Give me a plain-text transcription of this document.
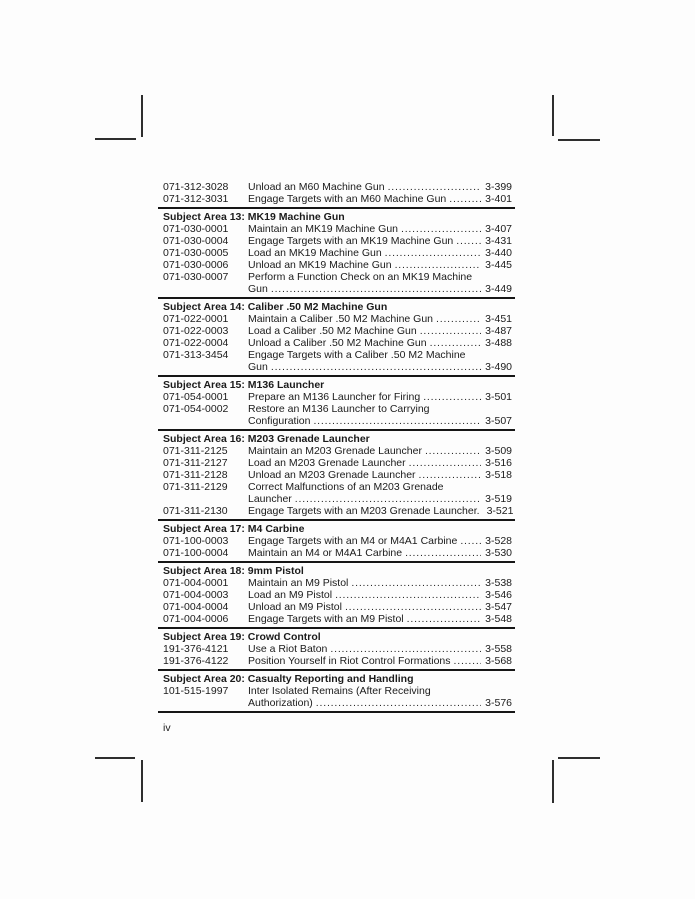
071-312-3028	Unload an M60 Machine Gun .....	3-399
071-312-3031	Engage Targets with an M60 Machine Gun .....	3-401
Subject Area 13: MK19 Machine Gun
071-030-0001	Maintain an MK19 Machine Gun .....	3-407
071-030-0004	Engage Targets with an MK19 Machine Gun .....	3-431
071-030-0005	Load an MK19 Machine Gun .....	3-440
071-030-0006	Unload an MK19 Machine Gun .....	3-445
071-030-0007	Perform a Function Check on an MK19 Machine
Gun .....	3-449
Subject Area 14: Caliber .50 M2 Machine Gun
071-022-0001	Maintain a Caliber .50 M2 Machine Gun .....	3-451
071-022-0003	Load a Caliber .50 M2 Machine Gun .....	3-487
071-022-0004	Unload a Caliber .50 M2 Machine Gun .....	3-488
071-313-3454	Engage Targets with a Caliber .50 M2 Machine
Gun .....	3-490
Subject Area 15: M136 Launcher
071-054-0001	Prepare an M136 Launcher for Firing .....	3-501
071-054-0002	Restore an M136 Launcher to Carrying
Configuration .....	3-507
Subject Area 16: M203 Grenade Launcher
071-311-2125	Maintain an M203 Grenade Launcher .....	3-509
071-311-2127	Load an M203 Grenade Launcher .....	3-516
071-311-2128	Unload an M203 Grenade Launcher .....	3-518
071-311-2129	Correct Malfunctions of an M203 Grenade
Launcher .....	3-519
071-311-2130	Engage Targets with an M203 Grenade Launcher. 3-521
Subject Area 17: M4 Carbine
071-100-0003	Engage Targets with an M4 or M4A1 Carbine .....	3-528
071-100-0004	Maintain an M4 or M4A1 Carbine .....	3-530
Subject Area 18: 9mm Pistol
071-004-0001	Maintain an M9 Pistol .....	3-538
071-004-0003	Load an M9 Pistol .....	3-546
071-004-0004	Unload an M9 Pistol .....	3-547
071-004-0006	Engage Targets with an M9 Pistol .....	3-548
Subject Area 19: Crowd Control
191-376-4121	Use a Riot Baton .....	3-558
191-376-4122	Position Yourself in Riot Control Formations .....	3-568
Subject Area 20: Casualty Reporting and Handling
101-515-1997	Inter Isolated Remains (After Receiving
Authorization) .....	3-576
iv
